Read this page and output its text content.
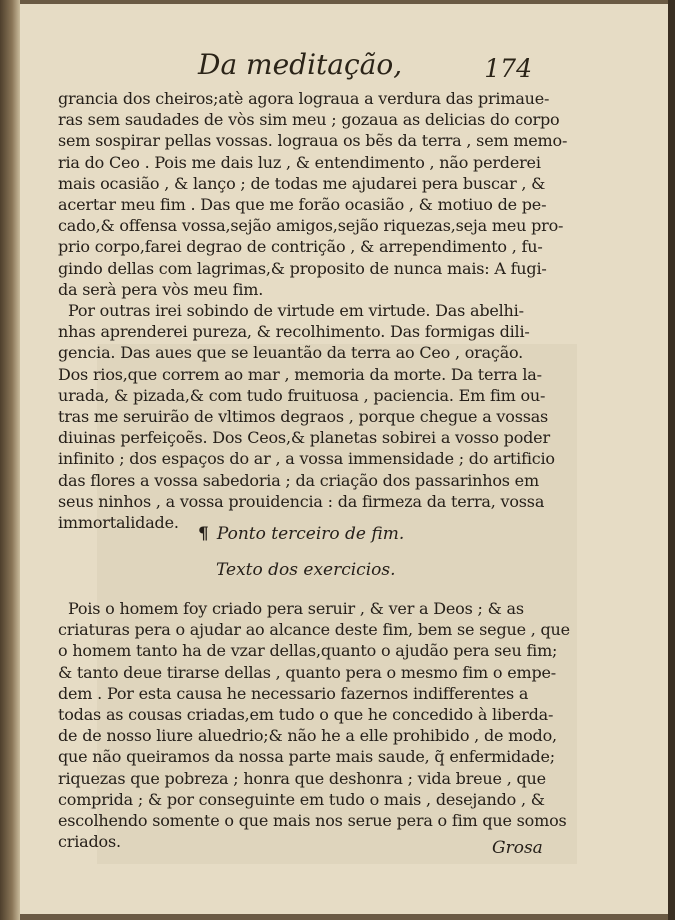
Da meditação,	174
grancia dos cheiros;atè agora lograua a verdura das primaue-
ras sem saudades de vòs sim meu ; gozaua as delicias do corpo
sem sospirar pellas vossas. lograua os bẽs da terra , sem memo-
ria do Ceo . Pois me dais luz , & entendimento , não perderei
mais ocasião , & lanço ; de todas me ajudarei pera buscar , &
acertar meu fim . Das que me forão ocasião , & motiuo de pe-
cado,& offensa vossa,sejão amigos,sejão riquezas,seja meu pro-
prio corpo,farei degrao de contrição , & arrependimento , fu-
gindo dellas com lagrimas,& proposito de nunca mais: A fugi-
da serà pera vòs meu fim.
Por outras irei sobindo de virtude em virtude. Das abelhi-
nhas aprenderei pureza, & recolhimento. Das formigas dili-
gencia. Das aues que se leuantão da terra ao Ceo , oração.
Dos rios,que correm ao mar , memoria da morte. Da terra la-
urada, & pizada,& com tudo fruituosa , paciencia. Em fim ou-
tras me seruirão de vltimos degraos , porque chegue a vossas
diuinas perfeiçoẽs. Dos Ceos,& planetas sobirei a vosso poder
infinito ; dos espaços do ar , a vossa immensidade ; do artificio
das flores a vossa sabedoria ; da criação dos passarinhos em
seus ninhos , a vossa prouidencia : da firmeza da terra, vossa
immortalidade.
¶ Ponto terceiro de fim.
Texto dos exercicios.
Pois o homem foy criado pera seruir , & ver a Deos ; & as
criaturas pera o ajudar ao alcance deste fim, bem se segue , que
o homem tanto ha de vzar dellas,quanto o ajudão pera seu fim;
& tanto deue tirarse dellas , quanto pera o mesmo fim o empe-
dem . Por esta causa he necessario fazernos indifferentes a
todas as cousas criadas,em tudo o que he concedido à liberda-
de de nosso liure aluedrio;& não he a elle prohibido , de modo,
que não queiramos da nossa parte mais saude, q̃ enfermidade;
riquezas que pobreza ; honra que deshonra ; vida breue , que
comprida ; & por conseguinte em tudo o mais , desejando , &
escolhendo somente o que mais nos serue pera o fim que somos
criados.	Grosa
